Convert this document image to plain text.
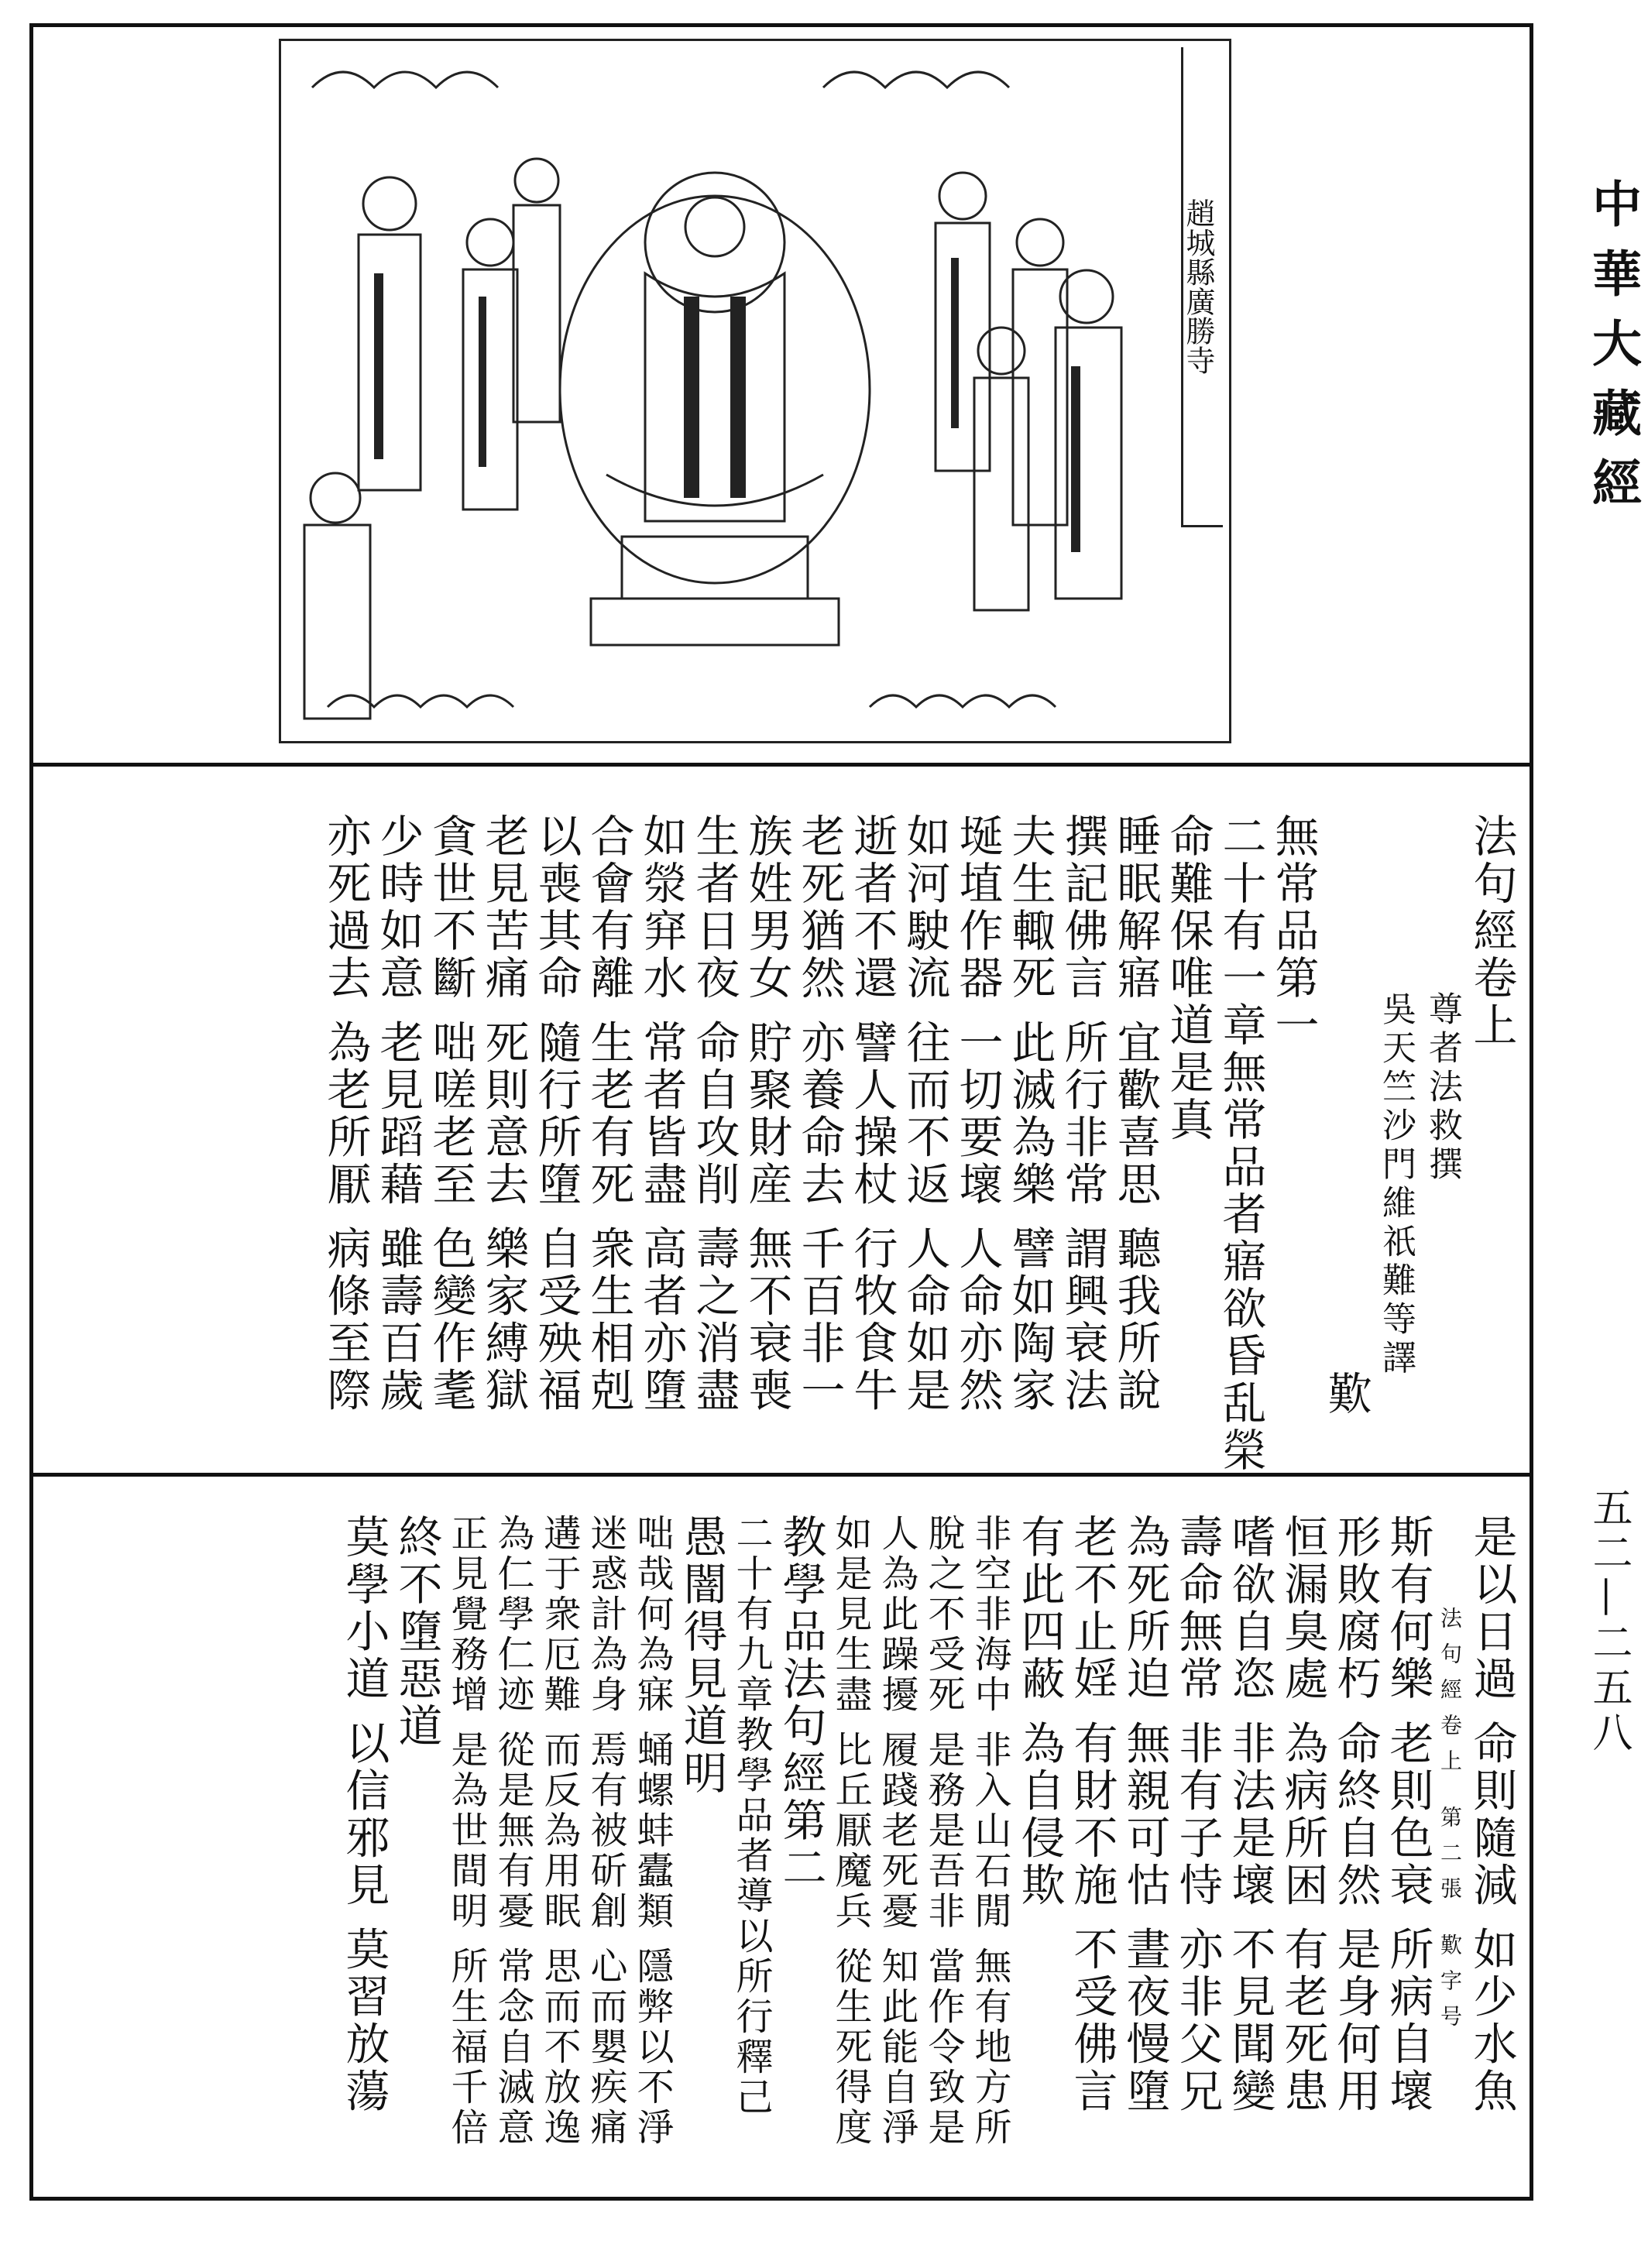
中華大藏經
五二—二五八
趙城縣廣勝寺
法句經卷上
尊者法救撰
吳天竺沙門維祇難等譯
歎
無常品第一
二十有一章無常品者寤欲昏乱榮
命難保唯道是真
睡眠解寤 宜歡喜思 聽我所說
撰記佛言 所行非常 謂興衰法
夫生輙死 此滅為樂 譬如陶家
埏埴作器 一切要壞 人命亦然
如河駛流 往而不返 人命如是
逝者不還 譬人操杖 行牧食牛
老死猶然 亦養命去 千百非一
族姓男女 貯聚財産 無不衰喪
生者日夜 命自攻削 壽之消盡
如滎穽水 常者皆盡 高者亦墮
合會有離 生老有死 衆生相剋
以喪其命 隨行所墮 自受殃福
老見苦痛 死則意去 樂家縛獄
貪世不斷 咄嗟老至 色變作耄
少時如意 老見蹈藉 雖壽百歲
亦死過去 為老所厭 病條至際
是以日過 命則隨減 如少水魚
法句經卷上 第二張 歎字号
斯有何樂 老則色衰 所病自壞
形敗腐朽 命終自然 是身何用
恒漏臭處 為病所困 有老死患
嗜欲自恣 非法是壞 不見聞變
壽命無常 非有子恃 亦非父兄
為死所迫 無親可怙 晝夜慢墮
老不止婬 有財不施 不受佛言
有此四蔽 為自侵欺
非空非海中 非入山石閒 無有地方所
脫之不受死 是務是吾非 當作令致是
人為此躁擾 履踐老死憂 知此能自淨
如是見生盡 比丘厭魔兵 從生死得度
教學品法句經第二
二十有九章教學品者導以所行釋己
愚闇得見道明
咄哉何為寐 蛹螺蚌蠹類 隱弊以不淨
迷惑計為身 焉有被斫創 心而嬰疾痛
遘于衆厄難 而反為用眠 思而不放逸
為仁學仁迹 從是無有憂 常念自滅意
正見覺務增 是為世間明 所生福千倍
終不墮惡道
莫學小道 以信邪見 莫習放蕩
